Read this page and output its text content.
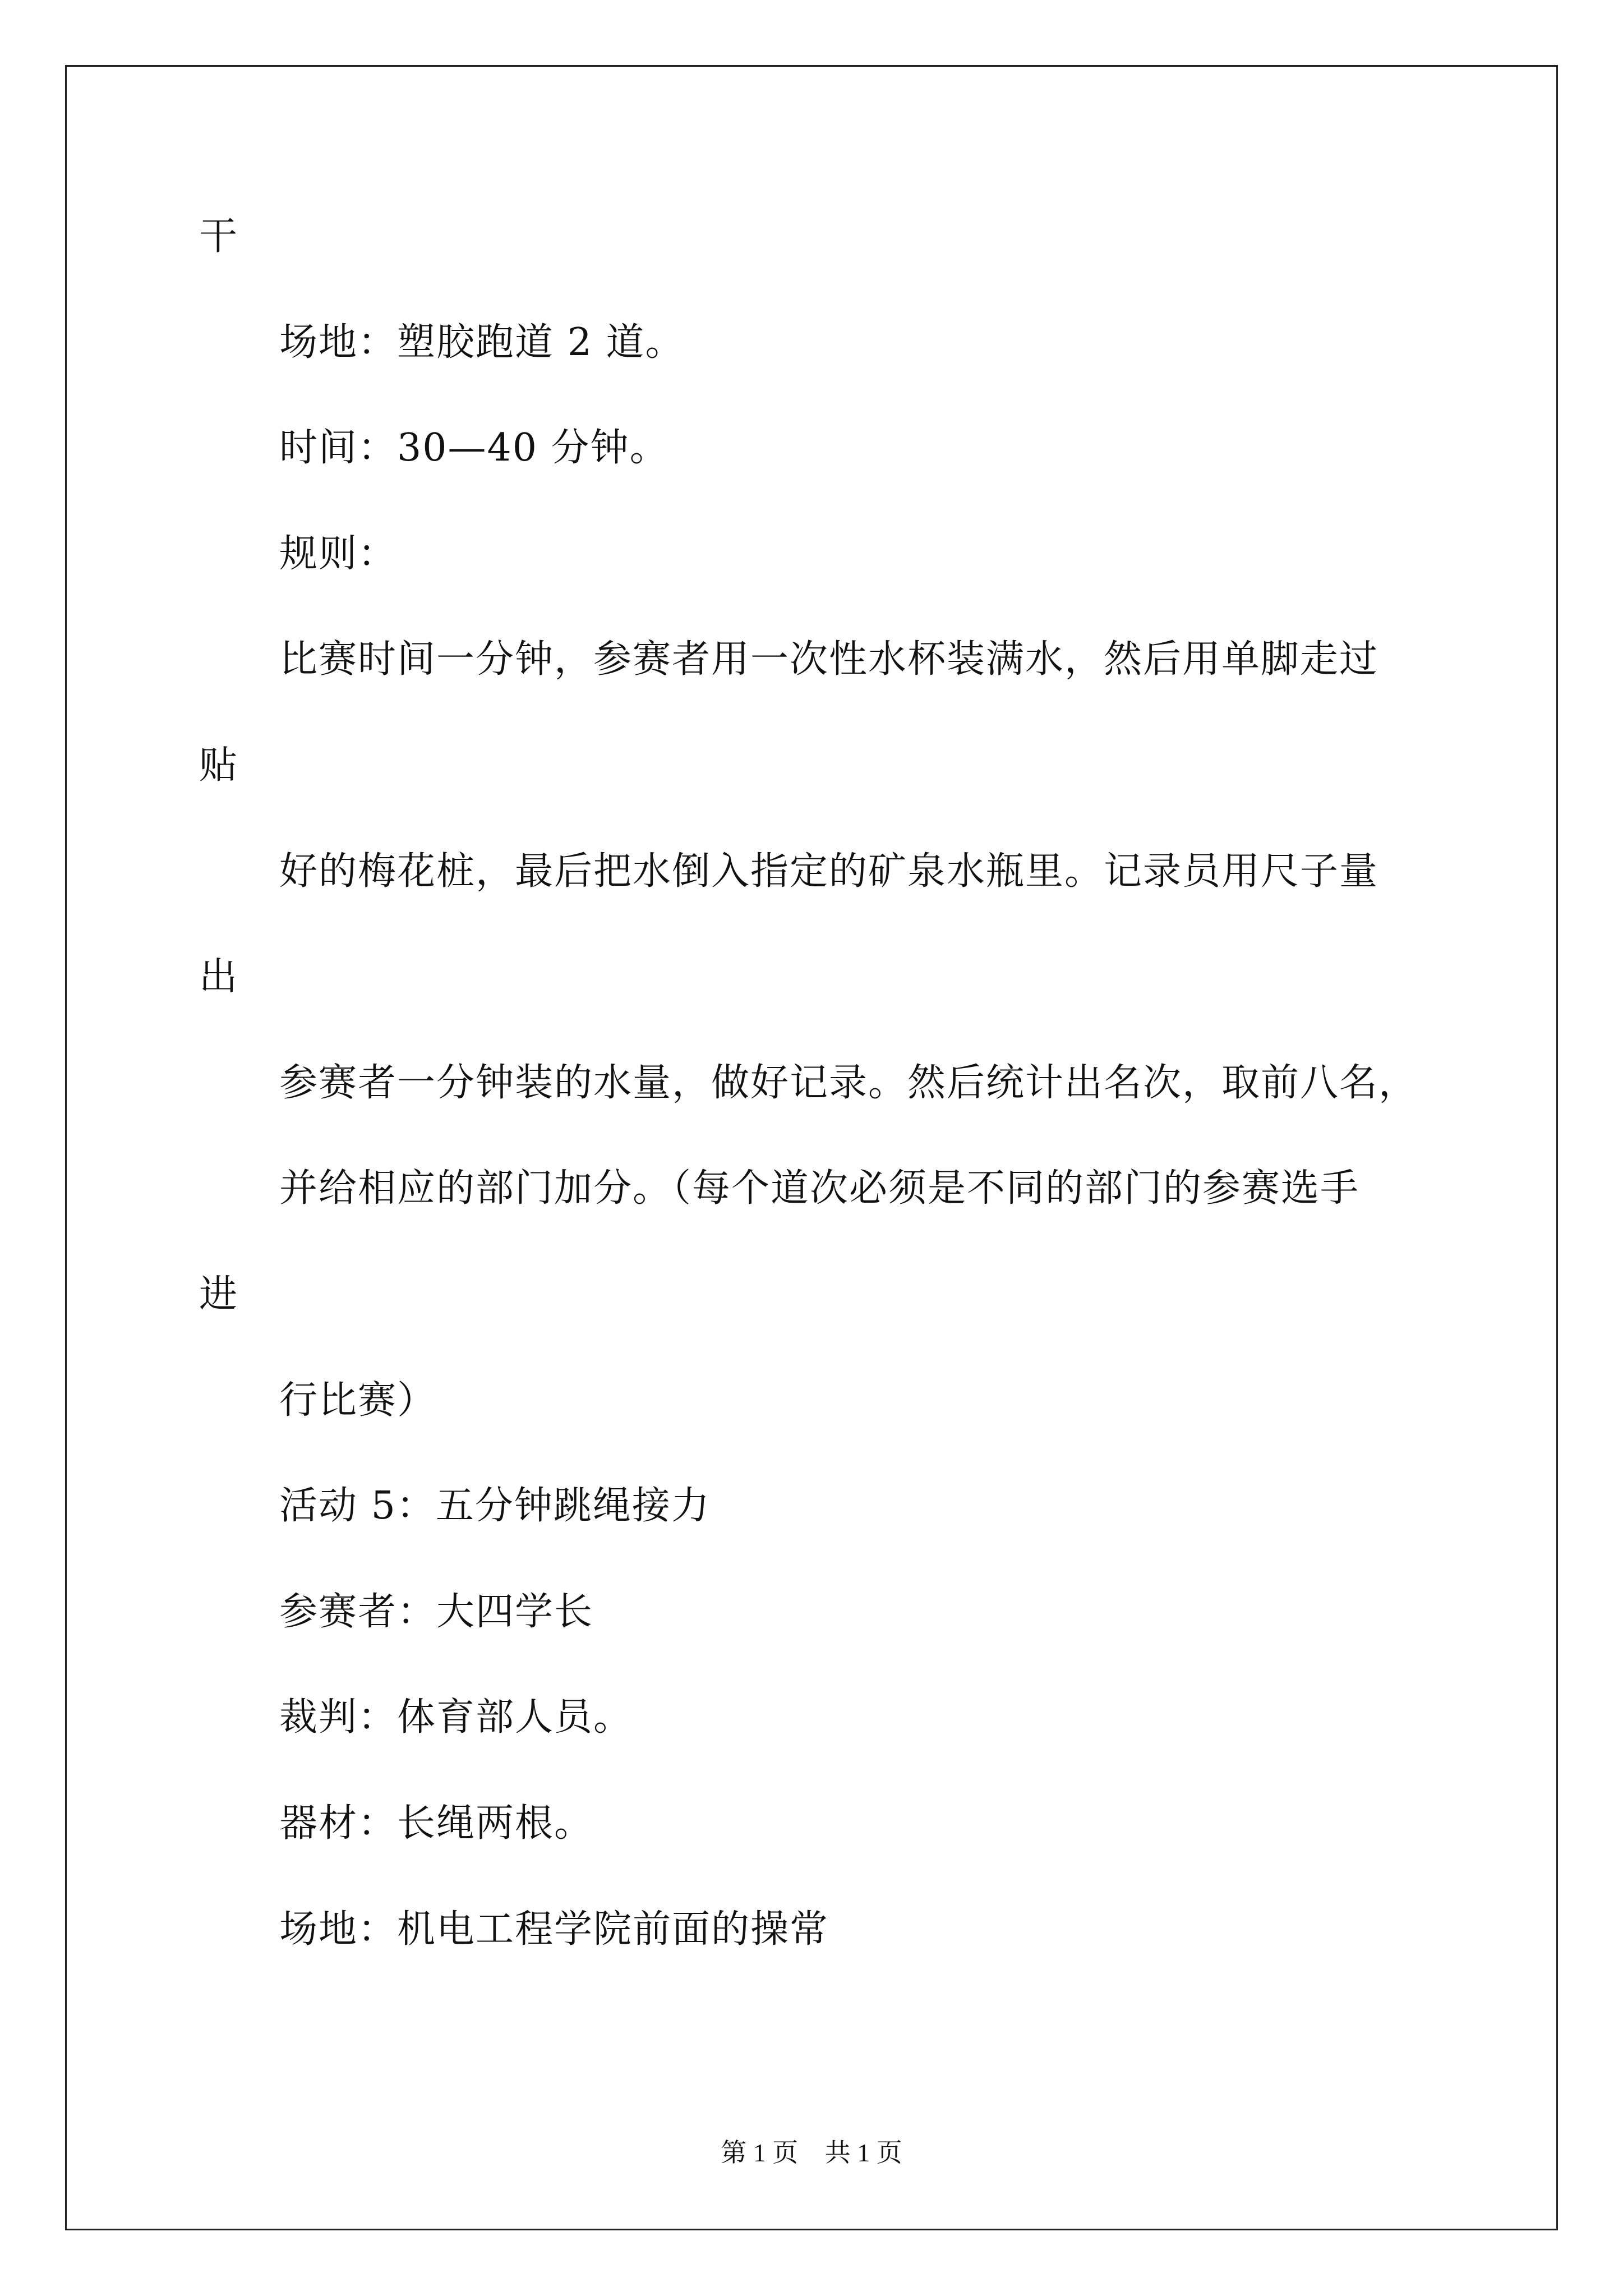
干
场地：塑胶跑道 2 道。
时间：30—40 分钟。
规则：
比赛时间一分钟，参赛者用一次性水杯装满水，然后用单脚走过
贴
好的梅花桩，最后把水倒入指定的矿泉水瓶里。记录员用尺子量
出
参赛者一分钟装的水量，做好记录。然后统计出名次，取前八名，
并给相应的部门加分。（每个道次必须是不同的部门的参赛选手
进
行比赛）
活动 5：五分钟跳绳接力
参赛者：大四学长
裁判：体育部人员。
器材：长绳两根。
场地：机电工程学院前面的操常
第 1 页 共 1 页
